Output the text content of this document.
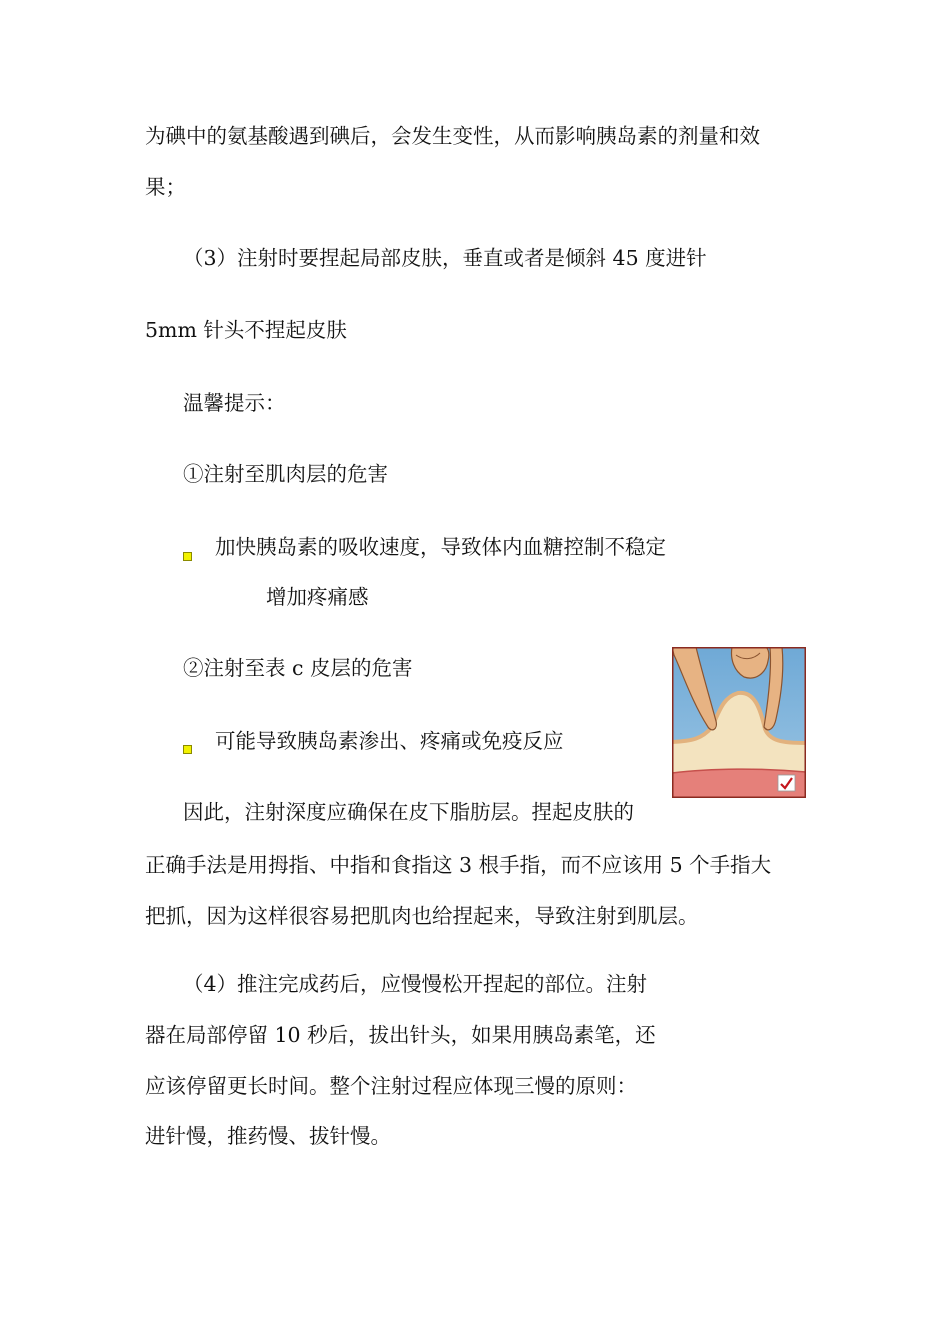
为碘中的氨基酸遇到碘后，会发生变性，从而影响胰岛素的剂量和效
果；
（3）注射时要捏起局部皮肤，垂直或者是倾斜 45 度进针
5mm 针头不捏起皮肤
温馨提示：
①注射至肌肉层的危害
加快胰岛素的吸收速度，导致体内血糖控制不稳定
增加疼痛感
②注射至表 c 皮层的危害
可能导致胰岛素渗出、疼痛或免疫反应
因此，注射深度应确保在皮下脂肪层。捏起皮肤的
正确手法是用拇指、中指和食指这 3 根手指，而不应该用 5 个手指大
把抓，因为这样很容易把肌肉也给捏起来，导致注射到肌层。
（4）推注完成药后，应慢慢松开捏起的部位。注射
器在局部停留 10 秒后，拔出针头，如果用胰岛素笔，还
应该停留更长时间。整个注射过程应体现三慢的原则：
进针慢，推药慢、拔针慢。
